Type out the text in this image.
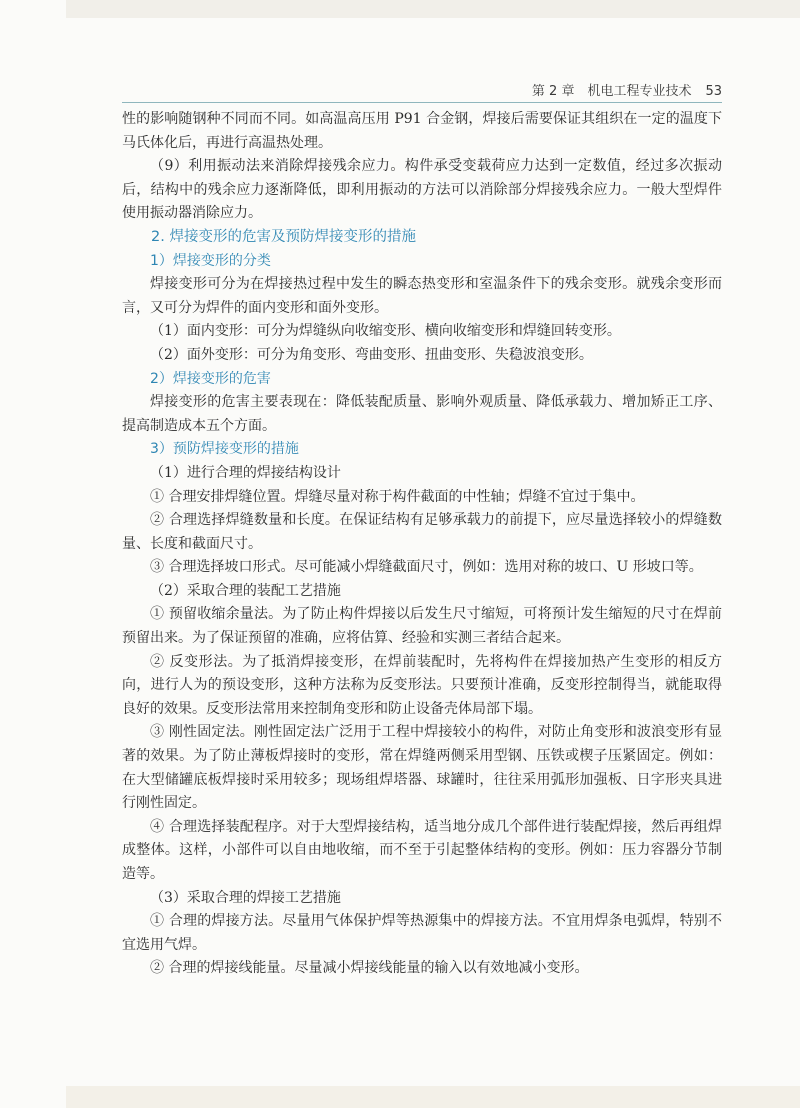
第 2 章　机电工程专业技术 53

性的影响随钢种不同而不同。如高温高压用 P91 合金钢，焊接后需要保证其组织在一定的温度下马氏体化后，再进行高温热处理。

（9）利用振动法来消除焊接残余应力。构件承受变载荷应力达到一定数值，经过多次振动后，结构中的残余应力逐渐降低，即利用振动的方法可以消除部分焊接残余应力。一般大型焊件使用振动器消除应力。

2. 焊接变形的危害及预防焊接变形的措施

1）焊接变形的分类

焊接变形可分为在焊接热过程中发生的瞬态热变形和室温条件下的残余变形。就残余变形而言，又可分为焊件的面内变形和面外变形。

（1）面内变形：可分为焊缝纵向收缩变形、横向收缩变形和焊缝回转变形。

（2）面外变形：可分为角变形、弯曲变形、扭曲变形、失稳波浪变形。

2）焊接变形的危害

焊接变形的危害主要表现在：降低装配质量、影响外观质量、降低承载力、增加矫正工序、提高制造成本五个方面。

3）预防焊接变形的措施

（1）进行合理的焊接结构设计

① 合理安排焊缝位置。焊缝尽量对称于构件截面的中性轴；焊缝不宜过于集中。

② 合理选择焊缝数量和长度。在保证结构有足够承载力的前提下，应尽量选择较小的焊缝数量、长度和截面尺寸。

③ 合理选择坡口形式。尽可能减小焊缝截面尺寸，例如：选用对称的坡口、U 形坡口等。

（2）采取合理的装配工艺措施

① 预留收缩余量法。为了防止构件焊接以后发生尺寸缩短，可将预计发生缩短的尺寸在焊前预留出来。为了保证预留的准确，应将估算、经验和实测三者结合起来。

② 反变形法。为了抵消焊接变形，在焊前装配时，先将构件在焊接加热产生变形的相反方向，进行人为的预设变形，这种方法称为反变形法。只要预计准确，反变形控制得当，就能取得良好的效果。反变形法常用来控制角变形和防止设备壳体局部下塌。

③ 刚性固定法。刚性固定法广泛用于工程中焊接较小的构件，对防止角变形和波浪变形有显著的效果。为了防止薄板焊接时的变形，常在焊缝两侧采用型钢、压铁或楔子压紧固定。例如：在大型储罐底板焊接时采用较多；现场组焊塔器、球罐时，往往采用弧形加强板、日字形夹具进行刚性固定。

④ 合理选择装配程序。对于大型焊接结构，适当地分成几个部件进行装配焊接，然后再组焊成整体。这样，小部件可以自由地收缩，而不至于引起整体结构的变形。例如：压力容器分节制造等。

（3）采取合理的焊接工艺措施

① 合理的焊接方法。尽量用气体保护焊等热源集中的焊接方法。不宜用焊条电弧焊，特别不宜选用气焊。

② 合理的焊接线能量。尽量减小焊接线能量的输入以有效地减小变形。
